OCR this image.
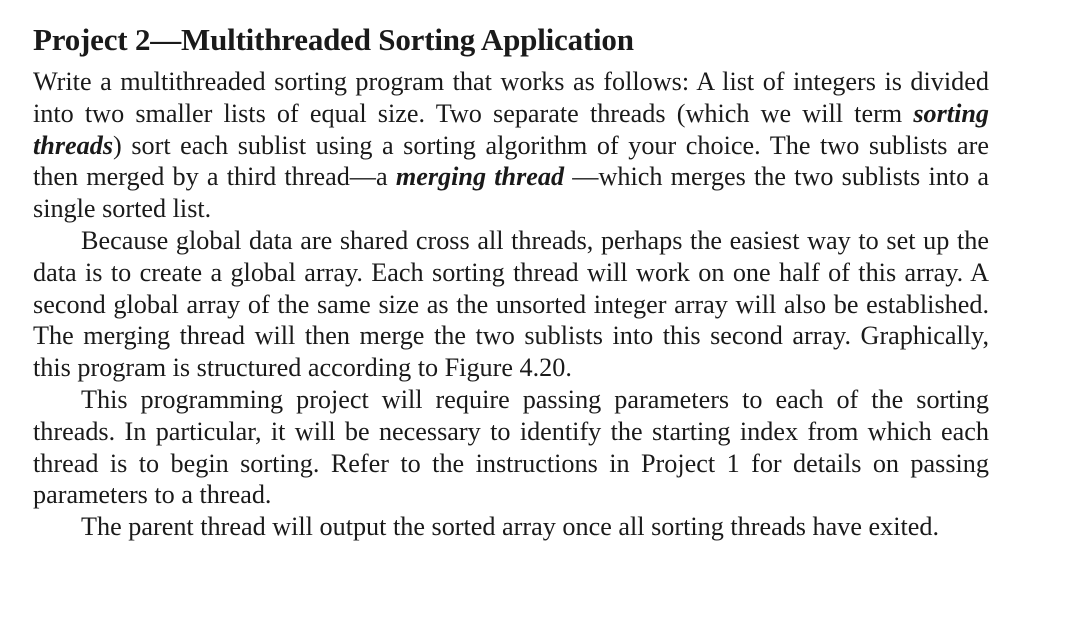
Project 2—Multithreaded Sorting Application

Write a multithreaded sorting program that works as follows: A list of integers is divided into two smaller lists of equal size. Two separate threads (which we will term sorting threads) sort each sublist using a sorting algorithm of your choice. The two sublists are then merged by a third thread—a merging thread —which merges the two sublists into a single sorted list.

Because global data are shared cross all threads, perhaps the easiest way to set up the data is to create a global array. Each sorting thread will work on one half of this array. A second global array of the same size as the unsorted integer array will also be established. The merging thread will then merge the two sublists into this second array. Graphically, this program is structured according to Figure 4.20.

This programming project will require passing parameters to each of the sorting threads. In particular, it will be necessary to identify the starting index from which each thread is to begin sorting. Refer to the instructions in Project 1 for details on passing parameters to a thread.

The parent thread will output the sorted array once all sorting threads have exited.
